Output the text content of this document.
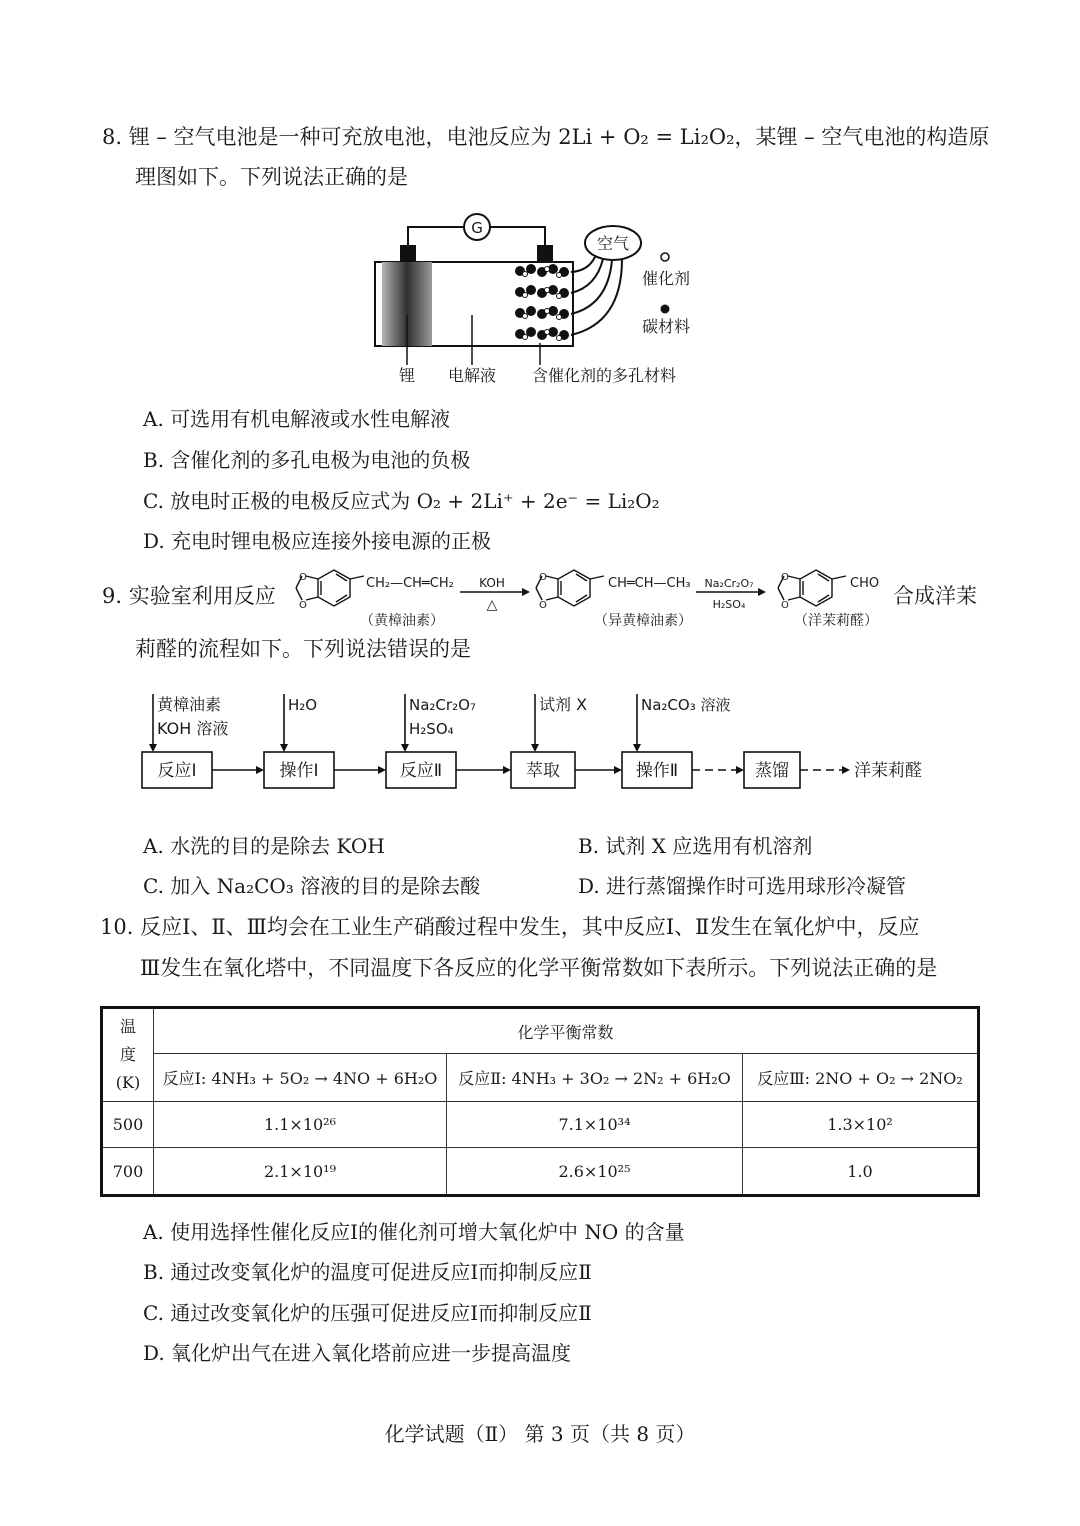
8. 锂 – 空气电池是一种可充放电池，电池反应为 2Li + O₂ = Li₂O₂，某锂 – 空气电池的构造原
理图如下。下列说法正确的是
G
空气
催化剂
碳材料
锂 电解液 含催化剂的多孔材料
A. 可选用有机电解液或水性电解液
B. 含催化剂的多孔电极为电池的负极
C. 放电时正极的电极反应式为 O₂ + 2Li⁺ + 2e⁻ = Li₂O₂
D. 充电时锂电极应连接外接电源的正极
9. 实验室利用反应
O
O
CH₂—CH═CH₂
（黄樟油素）
KOH
△
O
O
CH═CH—CH₃
（异黄樟油素）
Na₂Cr₂O₇
H₂SO₄
O
O
CHO
（洋茉莉醛）
合成洋茉
莉醛的流程如下。下列说法错误的是
黄樟油素
KOH 溶液
H₂O	Na₂Cr₂O₇
H₂SO₄
试剂 X	Na₂CO₃ 溶液
反应Ⅰ	操作Ⅰ	反应Ⅱ	萃取	操作Ⅱ	蒸馏	洋茉莉醛
A. 水洗的目的是除去 KOH	B. 试剂 X 应选用有机溶剂
C. 加入 Na₂CO₃ 溶液的目的是除去酸	D. 进行蒸馏操作时可选用球形冷凝管
10. 反应Ⅰ、Ⅱ、Ⅲ均会在工业生产硝酸过程中发生，其中反应Ⅰ、Ⅱ发生在氧化炉中，反应
Ⅲ发生在氧化塔中，不同温度下各反应的化学平衡常数如下表所示。下列说法正确的是
温
度
(K)	化学平衡常数		
	反应Ⅰ: 4NH₃ + 5O₂ → 4NO + 6H₂O	反应Ⅱ: 4NH₃ + 3O₂ → 2N₂ + 6H₂O	反应Ⅲ: 2NO + O₂ → 2NO₂
500	1.1×10²⁶	7.1×10³⁴	1.3×10²
700	2.1×10¹⁹	2.6×10²⁵	1.0
A. 使用选择性催化反应Ⅰ的催化剂可增大氧化炉中 NO 的含量
B. 通过改变氧化炉的温度可促进反应Ⅰ而抑制反应Ⅱ
C. 通过改变氧化炉的压强可促进反应Ⅰ而抑制反应Ⅱ
D. 氧化炉出气在进入氧化塔前应进一步提高温度
化学试题（Ⅱ） 第 3 页（共 8 页）
